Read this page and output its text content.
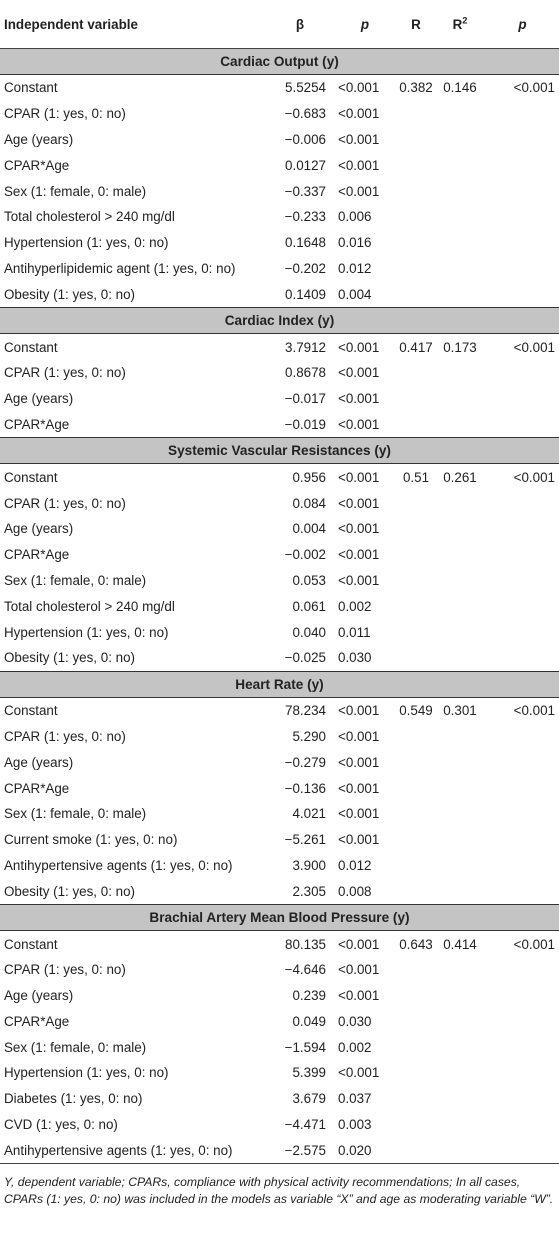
Independent variable	β	p	R	$R^2$	p
Cardiac Output (y)					
Constant	5.5254	<0.001	0.382	0.146	<0.001
CPAR (1: yes, 0: no)	−0.683	<0.001			
Age (years)	−0.006	<0.001			
CPAR*Age	0.0127	<0.001			
Sex (1: female, 0: male)	−0.337	<0.001			
Total cholesterol > 240 mg/dl	−0.233	0.006			
Hypertension (1: yes, 0: no)	0.1648	0.016			
Antihyperlipidemic agent (1: yes, 0: no)	−0.202	0.012			
Obesity (1: yes, 0: no)	0.1409	0.004			
Cardiac Index (y)					
Constant	3.7912	<0.001	0.417	0.173	<0.001
CPAR (1: yes, 0: no)	0.8678	<0.001			
Age (years)	−0.017	<0.001			
CPAR*Age	−0.019	<0.001			
Systemic Vascular Resistances (y)					
Constant	0.956	<0.001	0.51	0.261	<0.001
CPAR (1: yes, 0: no)	0.084	<0.001			
Age (years)	0.004	<0.001			
CPAR*Age	−0.002	<0.001			
Sex (1: female, 0: male)	0.053	<0.001			
Total cholesterol > 240 mg/dl	0.061	0.002			
Hypertension (1: yes, 0: no)	0.040	0.011			
Obesity (1: yes, 0: no)	−0.025	0.030			
Heart Rate (y)					
Constant	78.234	<0.001	0.549	0.301	<0.001
CPAR (1: yes, 0: no)	5.290	<0.001			
Age (years)	−0.279	<0.001			
CPAR*Age	−0.136	<0.001			
Sex (1: female, 0: male)	4.021	<0.001			
Current smoke (1: yes, 0: no)	−5.261	<0.001			
Antihypertensive agents (1: yes, 0: no)	3.900	0.012			
Obesity (1: yes, 0: no)	2.305	0.008			
Brachial Artery Mean Blood Pressure (y)					
Constant	80.135	<0.001	0.643	0.414	<0.001
CPAR (1: yes, 0: no)	−4.646	<0.001			
Age (years)	0.239	<0.001			
CPAR*Age	0.049	0.030			
Sex (1: female, 0: male)	−1.594	0.002			
Hypertension (1: yes, 0: no)	5.399	<0.001			
Diabetes (1: yes, 0: no)	3.679	0.037			
CVD (1: yes, 0: no)	−4.471	0.003			
Antihypertensive agents (1: yes, 0: no)	−2.575	0.020			
Y, dependent variable; CPARs, compliance with physical activity recommendations; In all cases, CPARs (1: yes, 0: no) was included in the models as variable “X” and age as moderating variable “W”.
